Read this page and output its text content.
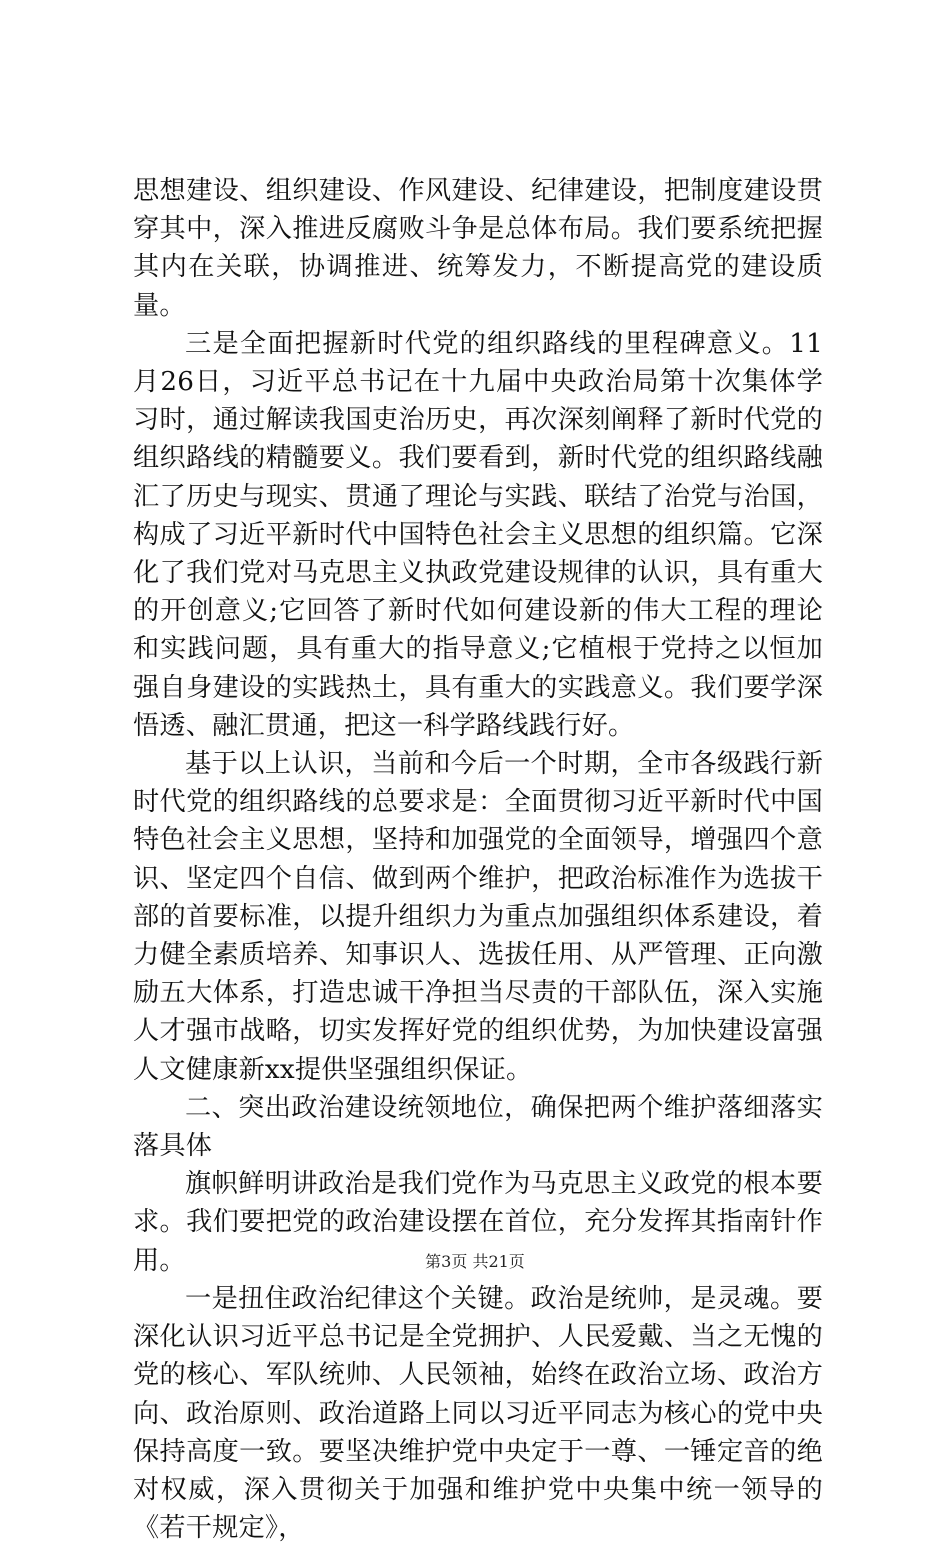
思想建设、组织建设、作风建设、纪律建设，把制度建设贯穿其中，深入推进反腐败斗争是总体布局。我们要系统把握其内在关联，协调推进、统筹发力，不断提高党的建设质量。

三是全面把握新时代党的组织路线的里程碑意义。11月26日，习近平总书记在十九届中央政治局第十次集体学习时，通过解读我国吏治历史，再次深刻阐释了新时代党的组织路线的精髓要义。我们要看到，新时代党的组织路线融汇了历史与现实、贯通了理论与实践、联结了治党与治国，构成了习近平新时代中国特色社会主义思想的组织篇。它深化了我们党对马克思主义执政党建设规律的认识，具有重大的开创意义;它回答了新时代如何建设新的伟大工程的理论和实践问题，具有重大的指导意义;它植根于党持之以恒加强自身建设的实践热土，具有重大的实践意义。我们要学深悟透、融汇贯通，把这一科学路线践行好。

基于以上认识，当前和今后一个时期，全市各级践行新时代党的组织路线的总要求是：全面贯彻习近平新时代中国特色社会主义思想，坚持和加强党的全面领导，增强四个意识、坚定四个自信、做到两个维护，把政治标准作为选拔干部的首要标准，以提升组织力为重点加强组织体系建设，着力健全素质培养、知事识人、选拔任用、从严管理、正向激励五大体系，打造忠诚干净担当尽责的干部队伍，深入实施人才强市战略，切实发挥好党的组织优势，为加快建设富强人文健康新xx提供坚强组织保证。

二、突出政治建设统领地位，确保把两个维护落细落实落具体

旗帜鲜明讲政治是我们党作为马克思主义政党的根本要求。我们要把党的政治建设摆在首位，充分发挥其指南针作用。

一是扭住政治纪律这个关键。政治是统帅，是灵魂。要深化认识习近平总书记是全党拥护、人民爱戴、当之无愧的党的核心、军队统帅、人民领袖，始终在政治立场、政治方向、政治原则、政治道路上同以习近平同志为核心的党中央保持高度一致。要坚决维护党中央定于一尊、一锤定音的绝对权威，深入贯彻关于加强和维护党中央集中统一领导的《若干规定》，

第3页 共21页
